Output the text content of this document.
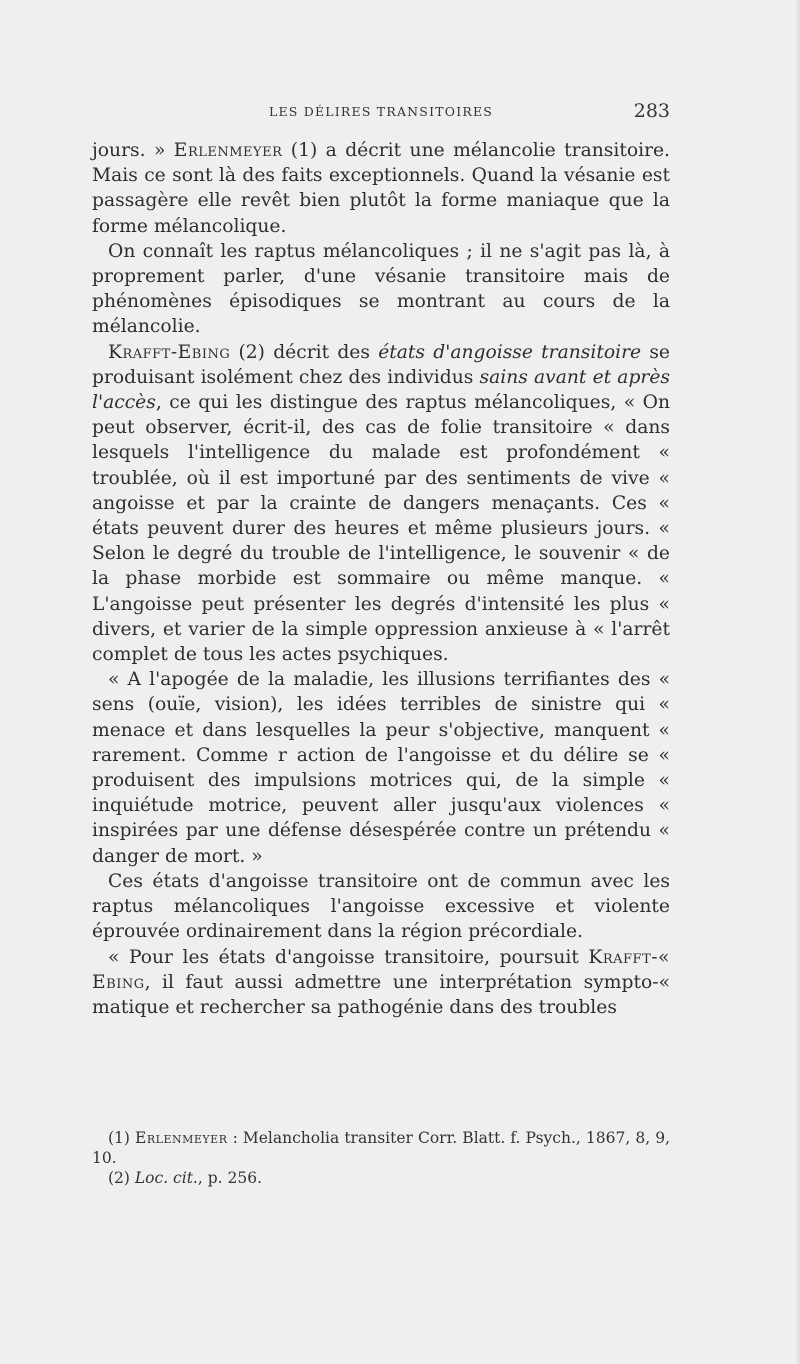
LES DÉLIRES TRANSITOIRES	283

jours. » Erlenmeyer (1) a décrit une mélancolie transitoire. Mais ce sont là des faits exceptionnels. Quand la vésanie est passagère elle revêt bien plutôt la forme maniaque que la forme mélancolique.

On connaît les raptus mélancoliques ; il ne s'agit pas là, à proprement parler, d'une vésanie transitoire mais de phénomènes épisodiques se montrant au cours de la mélancolie.

Krafft-Ebing (2) décrit des états d'angoisse transitoire se produisant isolément chez des individus sains avant et après l'accès, ce qui les distingue des raptus mélancoliques, « On peut observer, écrit-il, des cas de folie transitoire « dans lesquels l'intelligence du malade est profondément « troublée, où il est importuné par des sentiments de vive « angoisse et par la crainte de dangers menaçants. Ces « états peuvent durer des heures et même plusieurs jours. « Selon le degré du trouble de l'intelligence, le souvenir « de la phase morbide est sommaire ou même manque. « L'angoisse peut présenter les degrés d'intensité les plus « divers, et varier de la simple oppression anxieuse à « l'arrêt complet de tous les actes psychiques.

« A l'apogée de la maladie, les illusions terrifiantes des « sens (ouïe, vision), les idées terribles de sinistre qui « menace et dans lesquelles la peur s'objective, manquent « rarement. Comme r action de l'angoisse et du délire se « produisent des impulsions motrices qui, de la simple « inquiétude motrice, peuvent aller jusqu'aux violences « inspirées par une défense désespérée contre un prétendu « danger de mort. »

Ces états d'angoisse transitoire ont de commun avec les raptus mélancoliques l'angoisse excessive et violente éprouvée ordinairement dans la région précordiale.

« Pour les états d'angoisse transitoire, poursuit Krafft-« Ebing, il faut aussi admettre une interprétation sympto-« matique et rechercher sa pathogénie dans des troubles

(1) Erlenmeyer : Melancholia transiter Corr. Blatt. f. Psych., 1867, 8, 9, 10.

(2) Loc. cit., p. 256.
